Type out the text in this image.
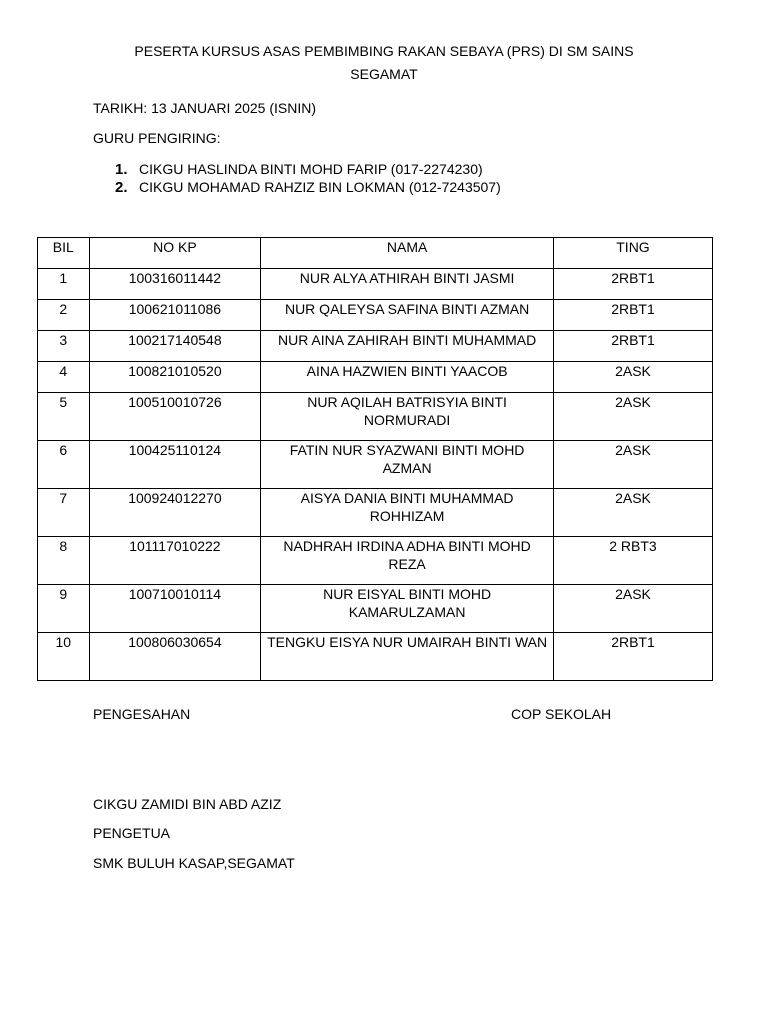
PESERTA KURSUS ASAS PEMBIMBING RAKAN SEBAYA (PRS) DI SM SAINS
SEGAMAT
TARIKH: 13 JANUARI 2025 (ISNIN)
GURU PENGIRING:
1. CIKGU HASLINDA BINTI MOHD FARIP (017-2274230)
2. CIKGU MOHAMAD RAHZIZ BIN LOKMAN (012-7243507)
BIL	NO KP	NAMA	TING
1	100316011442	NUR ALYA ATHIRAH BINTI JASMI	2RBT1
2	100621011086	NUR QALEYSA SAFINA BINTI AZMAN	2RBT1
3	100217140548	NUR AINA ZAHIRAH BINTI MUHAMMAD	2RBT1
4	100821010520	AINA HAZWIEN BINTI YAACOB	2ASK
5	100510010726	NUR AQILAH BATRISYIA BINTI NORMURADI	2ASK
6	100425110124	FATIN NUR SYAZWANI BINTI MOHD AZMAN	2ASK
7	100924012270	AISYA DANIA BINTI MUHAMMAD ROHHIZAM	2ASK
8	101117010222	NADHRAH IRDINA ADHA BINTI MOHD REZA	2 RBT3
9	100710010114	NUR EISYAL BINTI MOHD KAMARULZAMAN	2ASK
10	100806030654	TENGKU EISYA NUR UMAIRAH BINTI WAN	2RBT1
PENGESAHAN	COP SEKOLAH
CIKGU ZAMIDI BIN ABD AZIZ
PENGETUA
SMK BULUH KASAP,SEGAMAT
